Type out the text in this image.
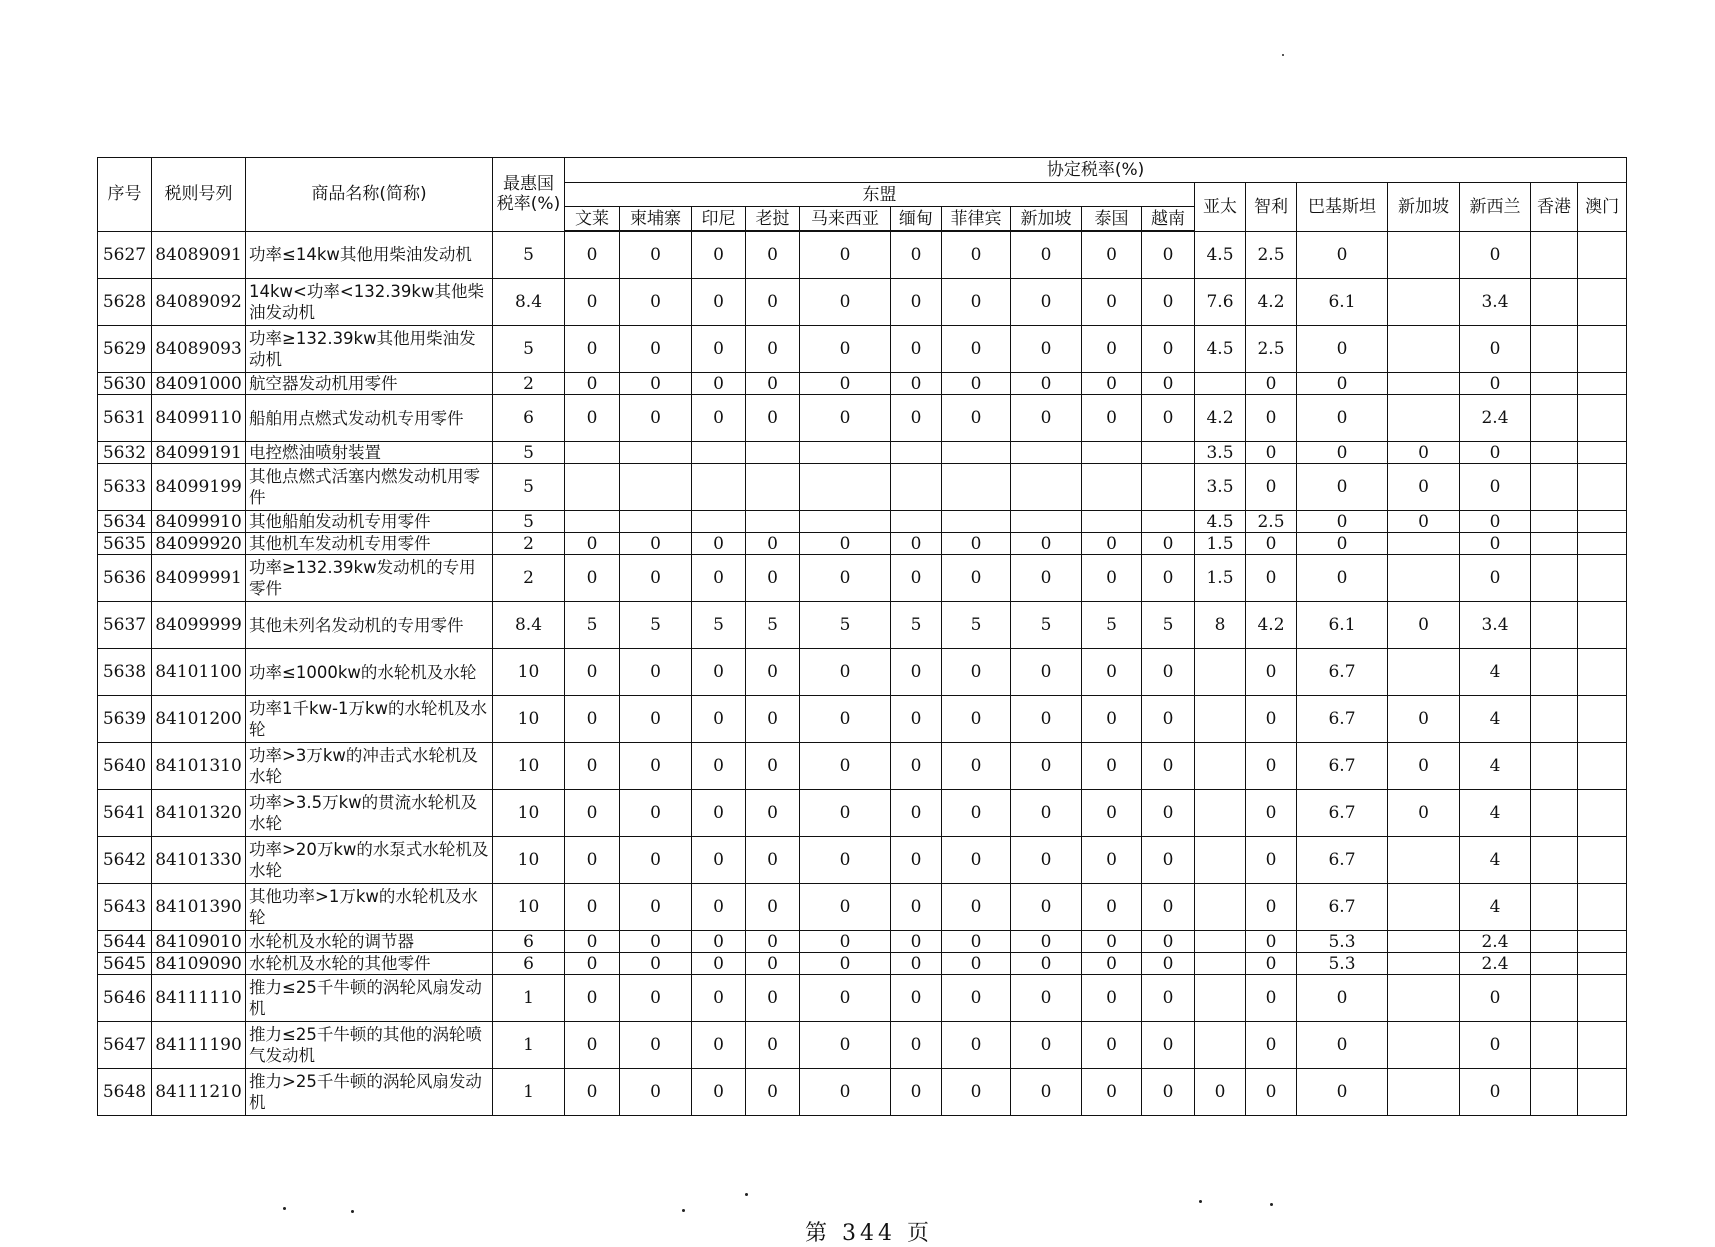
序号	税则号列	商品名称(简称)	最惠国税率(%)	协定税率(%)																
				东盟										亚太	智利	巴基斯坦	新加坡	新西兰	香港	澳门
				文莱	柬埔寨	印尼	老挝	马来西亚	缅甸	菲律宾	新加坡	泰国	越南							
5627	84089091	功率≤14kw其他用柴油发动机	5	0	0	0	0	0	0	0	0	0	0	4.5	2.5	0		0		
5628	84089092	14kw<功率<132.39kw其他柴油发动机	8.4	0	0	0	0	0	0	0	0	0	0	7.6	4.2	6.1		3.4		
5629	84089093	功率≥132.39kw其他用柴油发动机	5	0	0	0	0	0	0	0	0	0	0	4.5	2.5	0		0		
5630	84091000	航空器发动机用零件	2	0	0	0	0	0	0	0	0	0	0		0	0		0		
5631	84099110	船舶用点燃式发动机专用零件	6	0	0	0	0	0	0	0	0	0	0	4.2	0	0		2.4		
5632	84099191	电控燃油喷射装置	5											3.5	0	0	0	0		
5633	84099199	其他点燃式活塞内燃发动机用零件	5											3.5	0	0	0	0		
5634	84099910	其他船舶发动机专用零件	5											4.5	2.5	0	0	0		
5635	84099920	其他机车发动机专用零件	2	0	0	0	0	0	0	0	0	0	0	1.5	0	0		0		
5636	84099991	功率≥132.39kw发动机的专用零件	2	0	0	0	0	0	0	0	0	0	0	1.5	0	0		0		
5637	84099999	其他未列名发动机的专用零件	8.4	5	5	5	5	5	5	5	5	5	5	8	4.2	6.1	0	3.4		
5638	84101100	功率≤1000kw的水轮机及水轮	10	0	0	0	0	0	0	0	0	0	0		0	6.7		4		
5639	84101200	功率1千kw-1万kw的水轮机及水轮	10	0	0	0	0	0	0	0	0	0	0		0	6.7	0	4		
5640	84101310	功率>3万kw的冲击式水轮机及水轮	10	0	0	0	0	0	0	0	0	0	0		0	6.7	0	4		
5641	84101320	功率>3.5万kw的贯流水轮机及水轮	10	0	0	0	0	0	0	0	0	0	0		0	6.7	0	4		
5642	84101330	功率>20万kw的水泵式水轮机及水轮	10	0	0	0	0	0	0	0	0	0	0		0	6.7		4		
5643	84101390	其他功率>1万kw的水轮机及水轮	10	0	0	0	0	0	0	0	0	0	0		0	6.7		4		
5644	84109010	水轮机及水轮的调节器	6	0	0	0	0	0	0	0	0	0	0		0	5.3		2.4		
5645	84109090	水轮机及水轮的其他零件	6	0	0	0	0	0	0	0	0	0	0		0	5.3		2.4		
5646	84111110	推力≤25千牛顿的涡轮风扇发动机	1	0	0	0	0	0	0	0	0	0	0		0	0		0		
5647	84111190	推力≤25千牛顿的其他的涡轮喷气发动机	1	0	0	0	0	0	0	0	0	0	0		0	0		0		
5648	84111210	推力>25千牛顿的涡轮风扇发动机	1	0	0	0	0	0	0	0	0	0	0	0	0	0		0		
第 344 页
